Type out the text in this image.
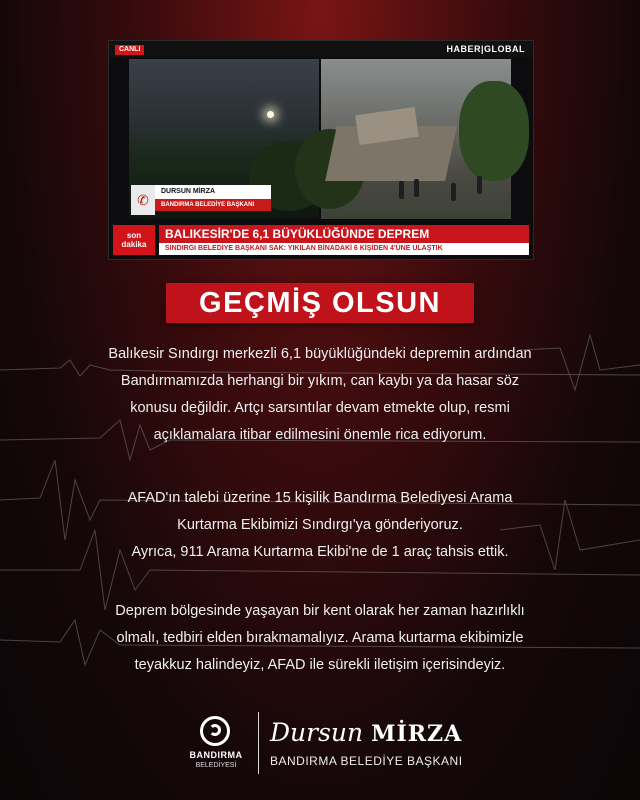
CANLI	HABER|GLOBAL
✆
DURSUN MİRZA
BANDIRMA BELEDİYE BAŞKANI
son
dakika
BALIKESİR'DE 6,1 BÜYÜKLÜĞÜNDE DEPREM
SINDIRGI BELEDİYE BAŞKANI SAK: YIKILAN BİNADAKİ 6 KİŞİDEN 4'ÜNE ULAŞTIK
GEÇMİŞ OLSUN
Balıkesir Sındırgı merkezli 6,1 büyüklüğündeki depremin ardından
Bandırmamızda herhangi bir yıkım, can kaybı ya da hasar söz
konusu değildir. Artçı sarsıntılar devam etmekte olup, resmi
açıklamalara itibar edilmesini önemle rica ediyorum.
AFAD'ın talebi üzerine 15 kişilik Bandırma Belediyesi Arama
Kurtarma Ekibimizi Sındırgı'ya gönderiyoruz.
Ayrıca, 911 Arama Kurtarma Ekibi'ne de 1 araç tahsis ettik.
Deprem bölgesinde yaşayan bir kent olarak her zaman hazırlıklı
olmalı, tedbiri elden bırakmamalıyız. Arama kurtarma ekibimizle
teyakkuz halindeyiz, AFAD ile sürekli iletişim içerisindeyiz.
BANDIRMA
BELEDİYESİ
Dursun MİRZA
BANDIRMA BELEDİYE BAŞKANI
